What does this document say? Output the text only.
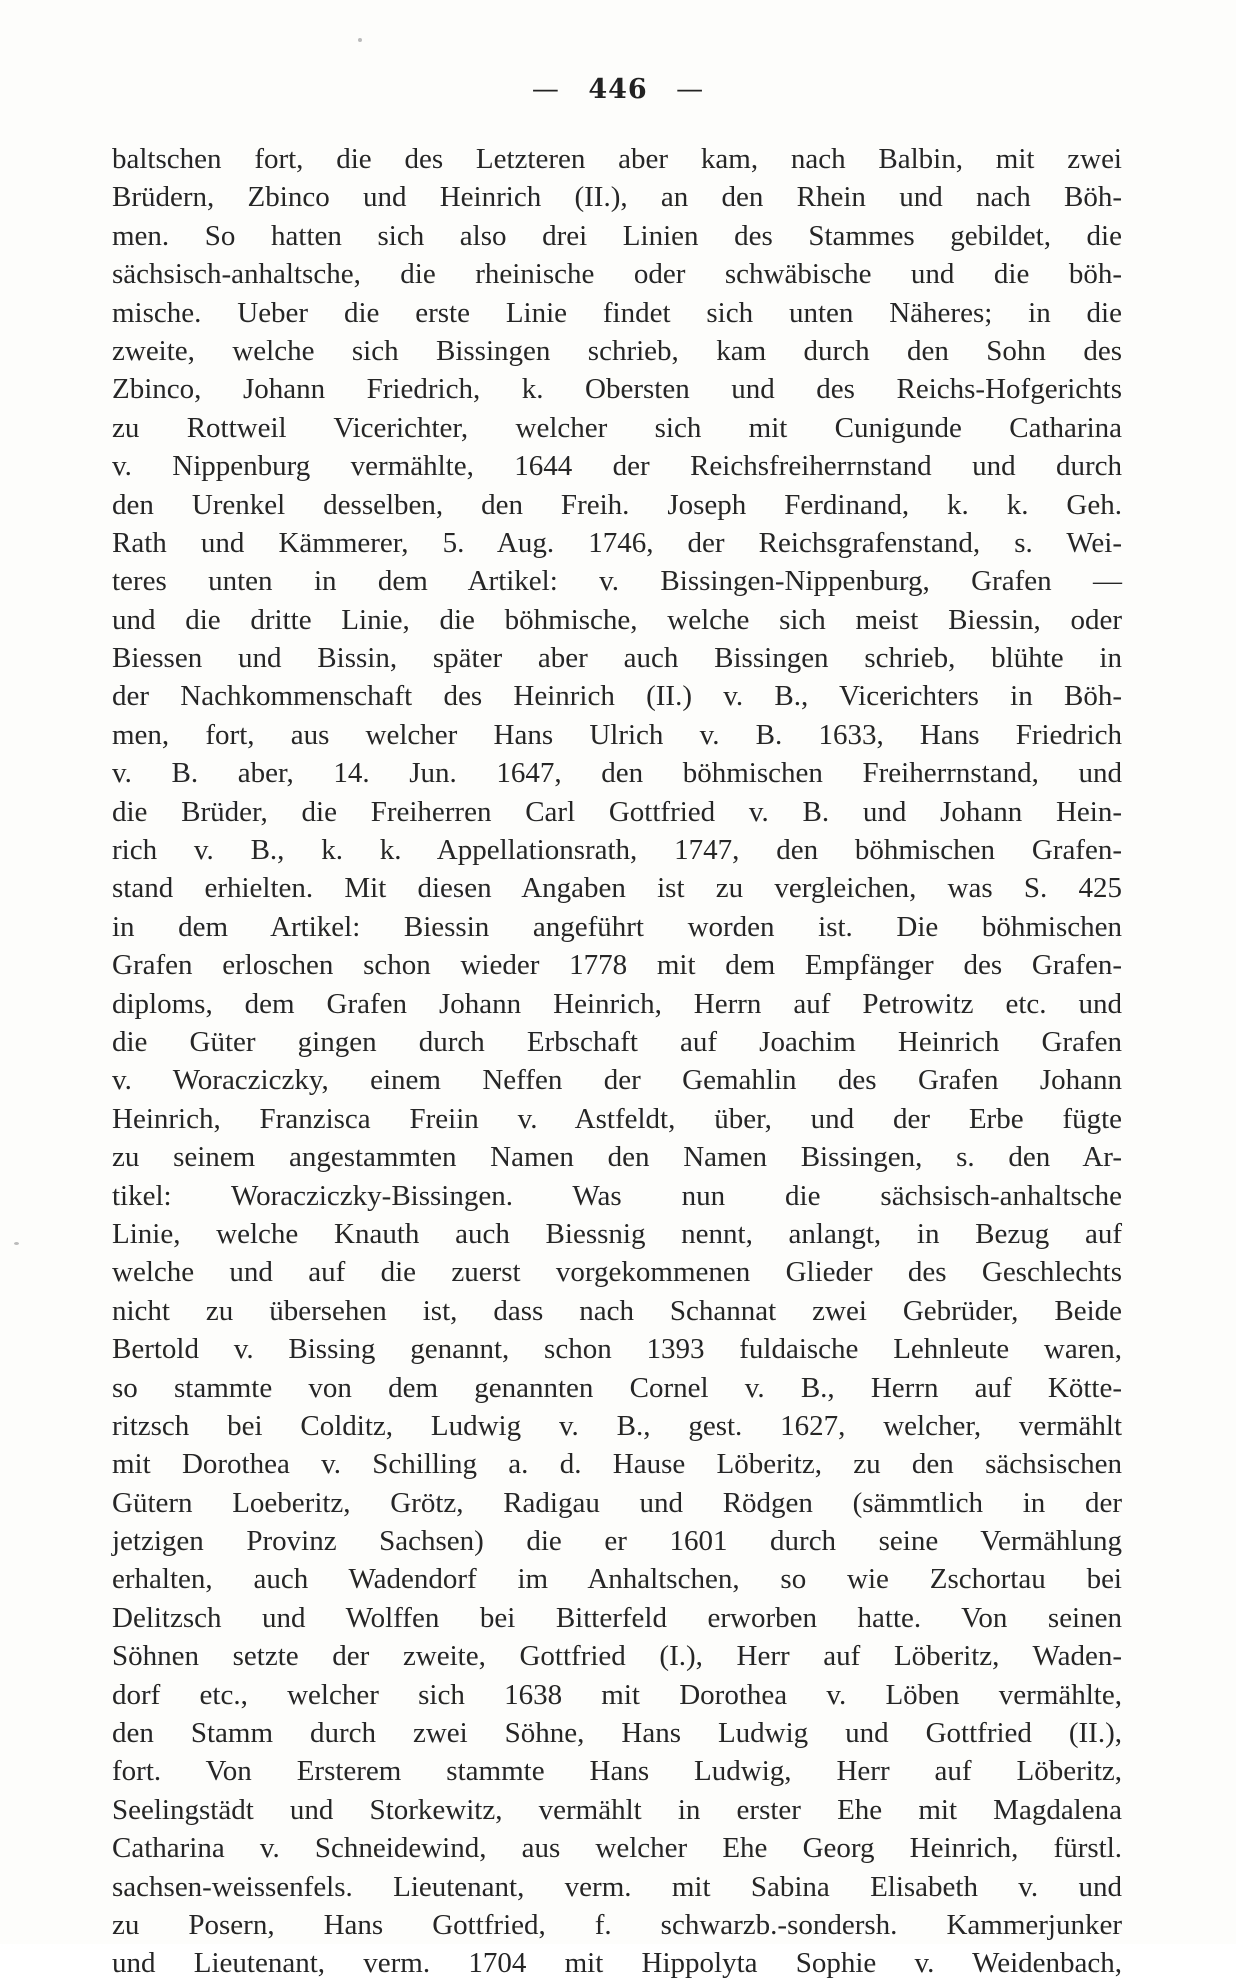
— 446 —
baltschen fort, die des Letzteren aber kam, nach Balbin, mit zwei
Brüdern, Zbinco und Heinrich (II.), an den Rhein und nach Böh-
men. So hatten sich also drei Linien des Stammes gebildet, die
sächsisch-anhaltsche, die rheinische oder schwäbische und die böh-
mische. Ueber die erste Linie findet sich unten Näheres; in die
zweite, welche sich Bissingen schrieb, kam durch den Sohn des
Zbinco, Johann Friedrich, k. Obersten und des Reichs-Hofgerichts
zu Rottweil Vicerichter, welcher sich mit Cunigunde Catharina
v. Nippenburg vermählte, 1644 der Reichsfreiherrnstand und durch
den Urenkel desselben, den Freih. Joseph Ferdinand, k. k. Geh.
Rath und Kämmerer, 5. Aug. 1746, der Reichsgrafenstand, s. Wei-
teres unten in dem Artikel: v. Bissingen-Nippenburg, Grafen —
und die dritte Linie, die böhmische, welche sich meist Biessin, oder
Biessen und Bissin, später aber auch Bissingen schrieb, blühte in
der Nachkommenschaft des Heinrich (II.) v. B., Vicerichters in Böh-
men, fort, aus welcher Hans Ulrich v. B. 1633, Hans Friedrich
v. B. aber, 14. Jun. 1647, den böhmischen Freiherrnstand, und
die Brüder, die Freiherren Carl Gottfried v. B. und Johann Hein-
rich v. B., k. k. Appellationsrath, 1747, den böhmischen Grafen-
stand erhielten. Mit diesen Angaben ist zu vergleichen, was S. 425
in dem Artikel: Biessin angeführt worden ist. Die böhmischen
Grafen erloschen schon wieder 1778 mit dem Empfänger des Grafen-
diploms, dem Grafen Johann Heinrich, Herrn auf Petrowitz etc. und
die Güter gingen durch Erbschaft auf Joachim Heinrich Grafen
v. Woracziczky, einem Neffen der Gemahlin des Grafen Johann
Heinrich, Franzisca Freiin v. Astfeldt, über, und der Erbe fügte
zu seinem angestammten Namen den Namen Bissingen, s. den Ar-
tikel: Woracziczky-Bissingen. Was nun die sächsisch-anhaltsche
Linie, welche Knauth auch Biessnig nennt, anlangt, in Bezug auf
welche und auf die zuerst vorgekommenen Glieder des Geschlechts
nicht zu übersehen ist, dass nach Schannat zwei Gebrüder, Beide
Bertold v. Bissing genannt, schon 1393 fuldaische Lehnleute waren,
so stammte von dem genannten Cornel v. B., Herrn auf Kötte-
ritzsch bei Colditz, Ludwig v. B., gest. 1627, welcher, vermählt
mit Dorothea v. Schilling a. d. Hause Löberitz, zu den sächsischen
Gütern Loeberitz, Grötz, Radigau und Rödgen (sämmtlich in der
jetzigen Provinz Sachsen) die er 1601 durch seine Vermählung
erhalten, auch Wadendorf im Anhaltschen, so wie Zschortau bei
Delitzsch und Wolffen bei Bitterfeld erworben hatte. Von seinen
Söhnen setzte der zweite, Gottfried (I.), Herr auf Löberitz, Waden-
dorf etc., welcher sich 1638 mit Dorothea v. Löben vermählte,
den Stamm durch zwei Söhne, Hans Ludwig und Gottfried (II.),
fort. Von Ersterem stammte Hans Ludwig, Herr auf Löberitz,
Seelingstädt und Storkewitz, vermählt in erster Ehe mit Magdalena
Catharina v. Schneidewind, aus welcher Ehe Georg Heinrich, fürstl.
sachsen-weissenfels. Lieutenant, verm. mit Sabina Elisabeth v. und
zu Posern, Hans Gottfried, f. schwarzb.-sondersh. Kammerjunker
und Lieutenant, verm. 1704 mit Hippolyta Sophie v. Weidenbach,
